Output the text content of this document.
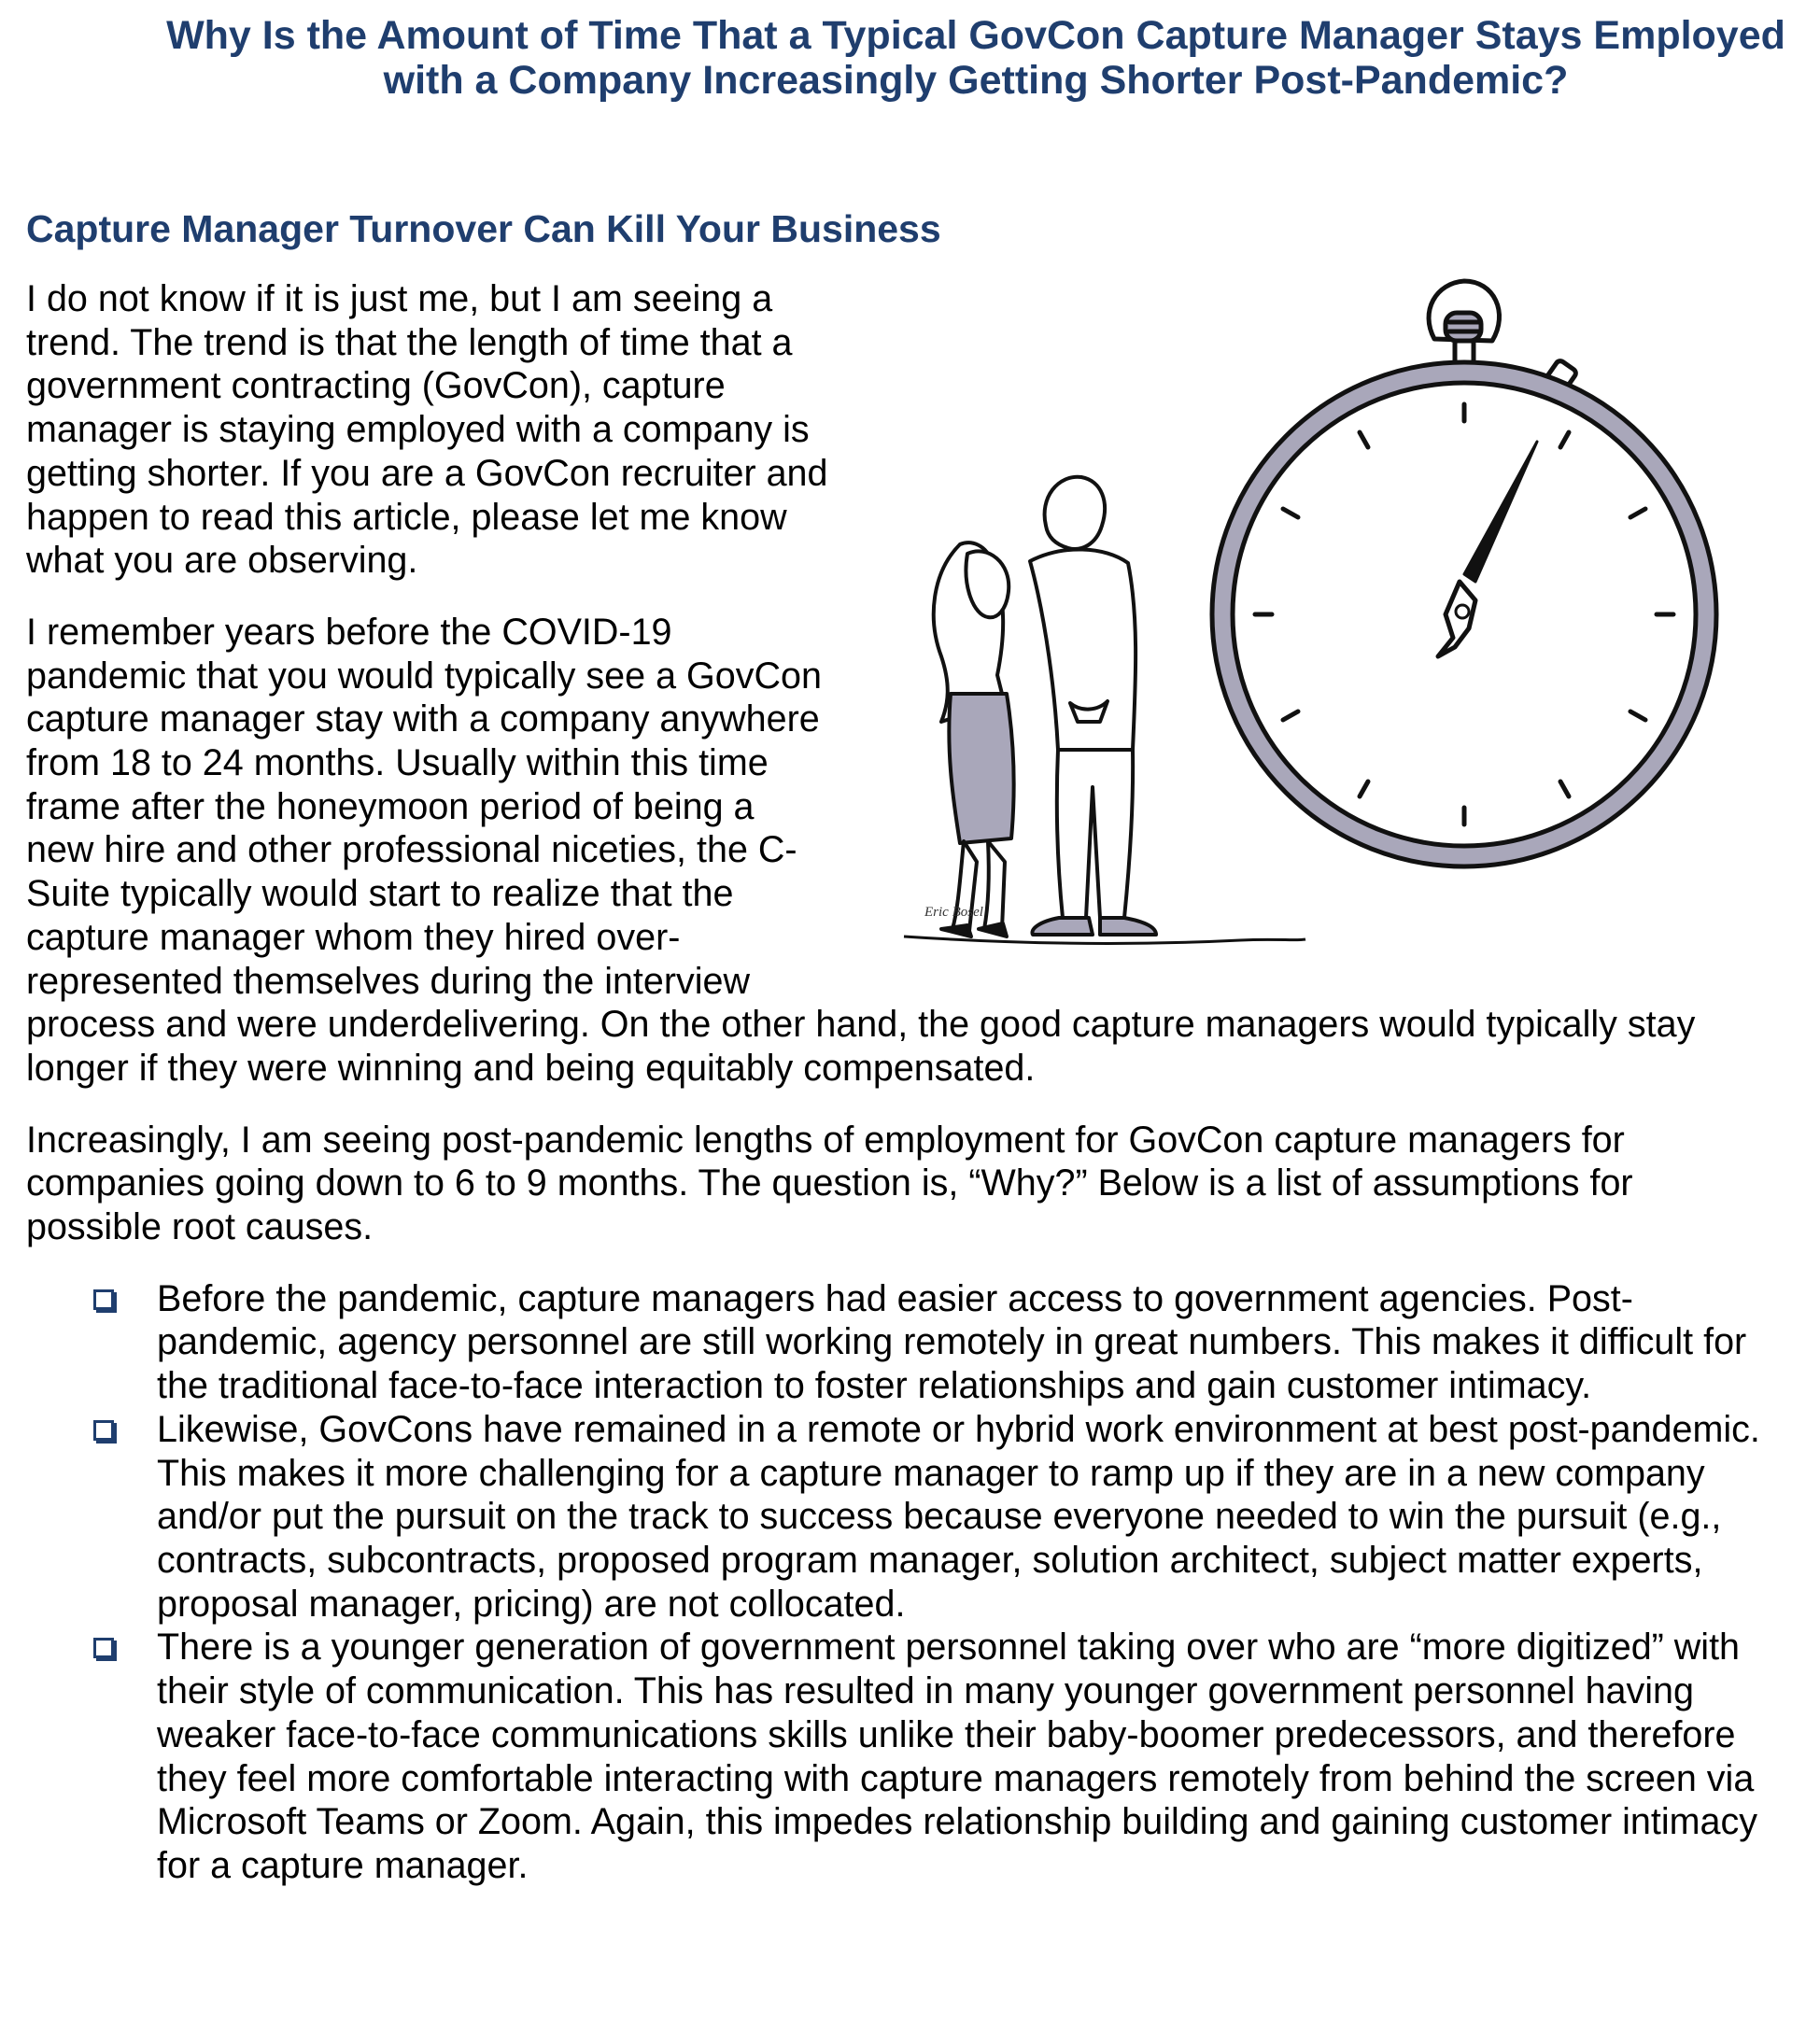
Why Is the Amount of Time That a Typical GovCon Capture Manager Stays Employed with a Company Increasingly Getting Shorter Post-Pandemic?
Capture Manager Turnover Can Kill Your Business
Eric Bosel

I do not know if it is just me, but I am seeing a trend. The trend is that the length of time that a government contracting (GovCon), capture manager is staying employed with a company is getting shorter. If you are a GovCon recruiter and happen to read this article, please let me know what you are observing.

I remember years before the COVID-19 pandemic that you would typically see a GovCon capture manager stay with a company anywhere from 18 to 24 months. Usually within this time frame after the honeymoon period of being a new hire and other professional niceties, the C-Suite typically would start to realize that the capture manager whom they hired over-represented themselves during the interview process and were underdelivering. On the other hand, the good capture managers would typically stay longer if they were winning and being equitably compensated.

Increasingly, I am seeing post-pandemic lengths of employment for GovCon capture managers for companies going down to 6 to 9 months. The question is, “Why?” Below is a list of assumptions for possible root causes.

Before the pandemic, capture managers had easier access to government agencies. Post-pandemic, agency personnel are still working remotely in great numbers. This makes it difficult for the traditional face-to-face interaction to foster relationships and gain customer intimacy.
Likewise, GovCons have remained in a remote or hybrid work environment at best post-pandemic. This makes it more challenging for a capture manager to ramp up if they are in a new company and/or put the pursuit on the track to success because everyone needed to win the pursuit (e.g., contracts, subcontracts, proposed program manager, solution architect, subject matter experts, proposal manager, pricing) are not collocated.
There is a younger generation of government personnel taking over who are “more digitized” with their style of communication. This has resulted in many younger government personnel having weaker face-to-face communications skills unlike their baby-boomer predecessors, and therefore they feel more comfortable interacting with capture managers remotely from behind the screen via Microsoft Teams or Zoom. Again, this impedes relationship building and gaining customer intimacy for a capture manager.
